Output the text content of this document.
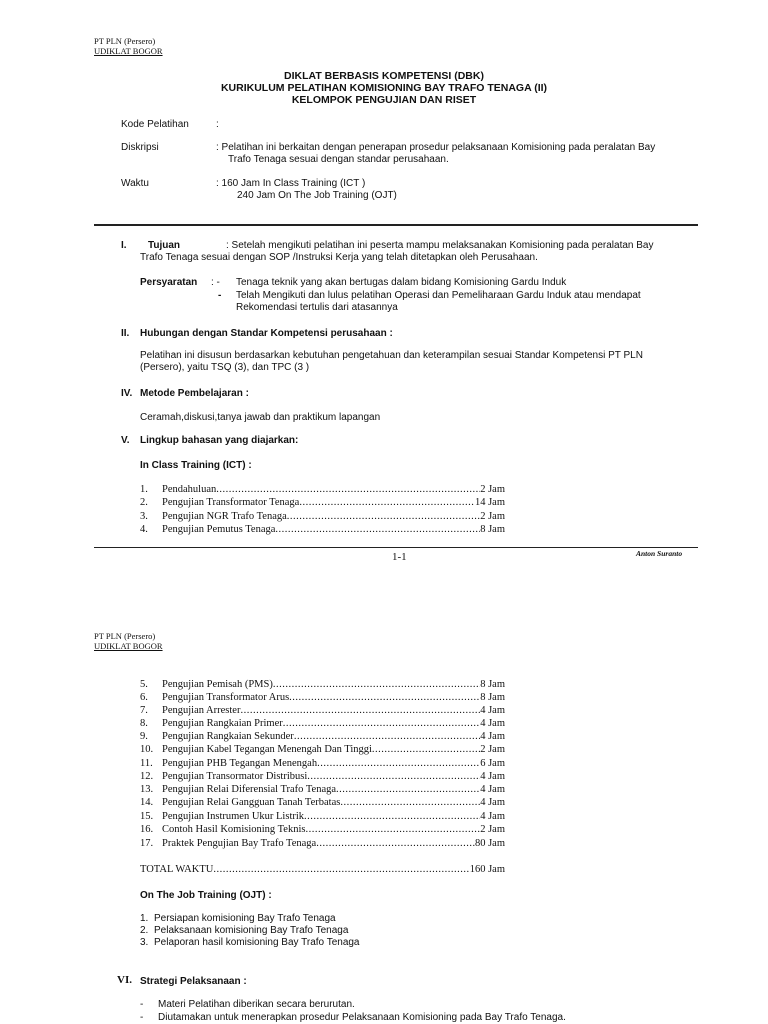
PT PLN (Persero)
UDIKLAT BOGOR
DIKLAT BERBASIS KOMPETENSI (DBK)
KURIKULUM PELATIHAN KOMISIONING BAY TRAFO TENAGA (II)
KELOMPOK PENGUJIAN DAN RISET
Kode Pelatihan	:
Diskripsi	: Pelatihan ini berkaitan dengan penerapan prosedur pelaksanaan Komisioning pada peralatan Bay
Trafo Tenaga sesuai dengan standar perusahaan.
Waktu	: 160 Jam In Class Training (ICT )
240 Jam On The Job Training (OJT)
I. Tujuan	: Setelah mengikuti pelatihan ini peserta mampu melaksanakan Komisioning pada peralatan Bay
Trafo Tenaga sesuai dengan SOP /Instruksi Kerja yang telah ditetapkan oleh Perusahaan.
Persyaratan : - Tenaga teknik yang akan bertugas dalam bidang Komisioning Gardu Induk
- Telah Mengikuti dan lulus pelatihan Operasi dan Pemeliharaan Gardu Induk atau mendapat
Rekomendasi tertulis dari atasannya
II. Hubungan dengan Standar Kompetensi perusahaan :
Pelatihan ini disusun berdasarkan kebutuhan pengetahuan dan keterampilan sesuai Standar Kompetensi PT PLN
(Persero), yaitu TSQ (3), dan TPC (3 )
IV. Metode Pembelajaran :
Ceramah,diskusi,tanya jawab dan praktikum lapangan
V. Lingkup bahasan yang diajarkan:
In Class Training (ICT) :
1.	Pendahuluan .....	2 Jam
2.	Pengujian Transformator Tenaga .....	14 Jam
3.	Pengujian NGR Trafo Tenaga .....	2 Jam
4.	Pengujian Pemutus Tenaga .....	8 Jam
1-1	Anton Suranto
PT PLN (Persero)
UDIKLAT BOGOR
5.	Pengujian Pemisah (PMS) .....	8 Jam
6.	Pengujian Transformator Arus .....	8 Jam
7.	Pengujian Arrester .....	4 Jam
8.	Pengujian Rangkaian Primer .....	4 Jam
9.	Pengujian Rangkaian Sekunder .....	4 Jam
10. Pengujian Kabel Tegangan Menengah Dan Tinggi .....	2 Jam
11. Pengujian PHB Tegangan Menengah .....	6 Jam
12. Pengujian Transormator Distribusi .....	4 Jam
13. Pengujian Relai Diferensial Trafo Tenaga .....	4 Jam
14. Pengujian Relai Gangguan Tanah Terbatas .....	4 Jam
15. Pengujian Instrumen Ukur Listrik .....	4 Jam
16. Contoh Hasil Komisioning Teknis .....	2 Jam
17. Praktek Pengujian Bay Trafo Tenaga .....	80 Jam
TOTAL WAKTU .....	160 Jam
On The Job Training (OJT) :
1. Persiapan komisioning Bay Trafo Tenaga
2. Pelaksanaan komisioning Bay Trafo Tenaga
3. Pelaporan hasil komisioning Bay Trafo Tenaga
VI. Strategi Pelaksanaan :
-	Materi Pelatihan diberikan secara berurutan.
-	Diutamakan untuk menerapkan prosedur Pelaksanaan Komisioning pada Bay Trafo Tenaga.
